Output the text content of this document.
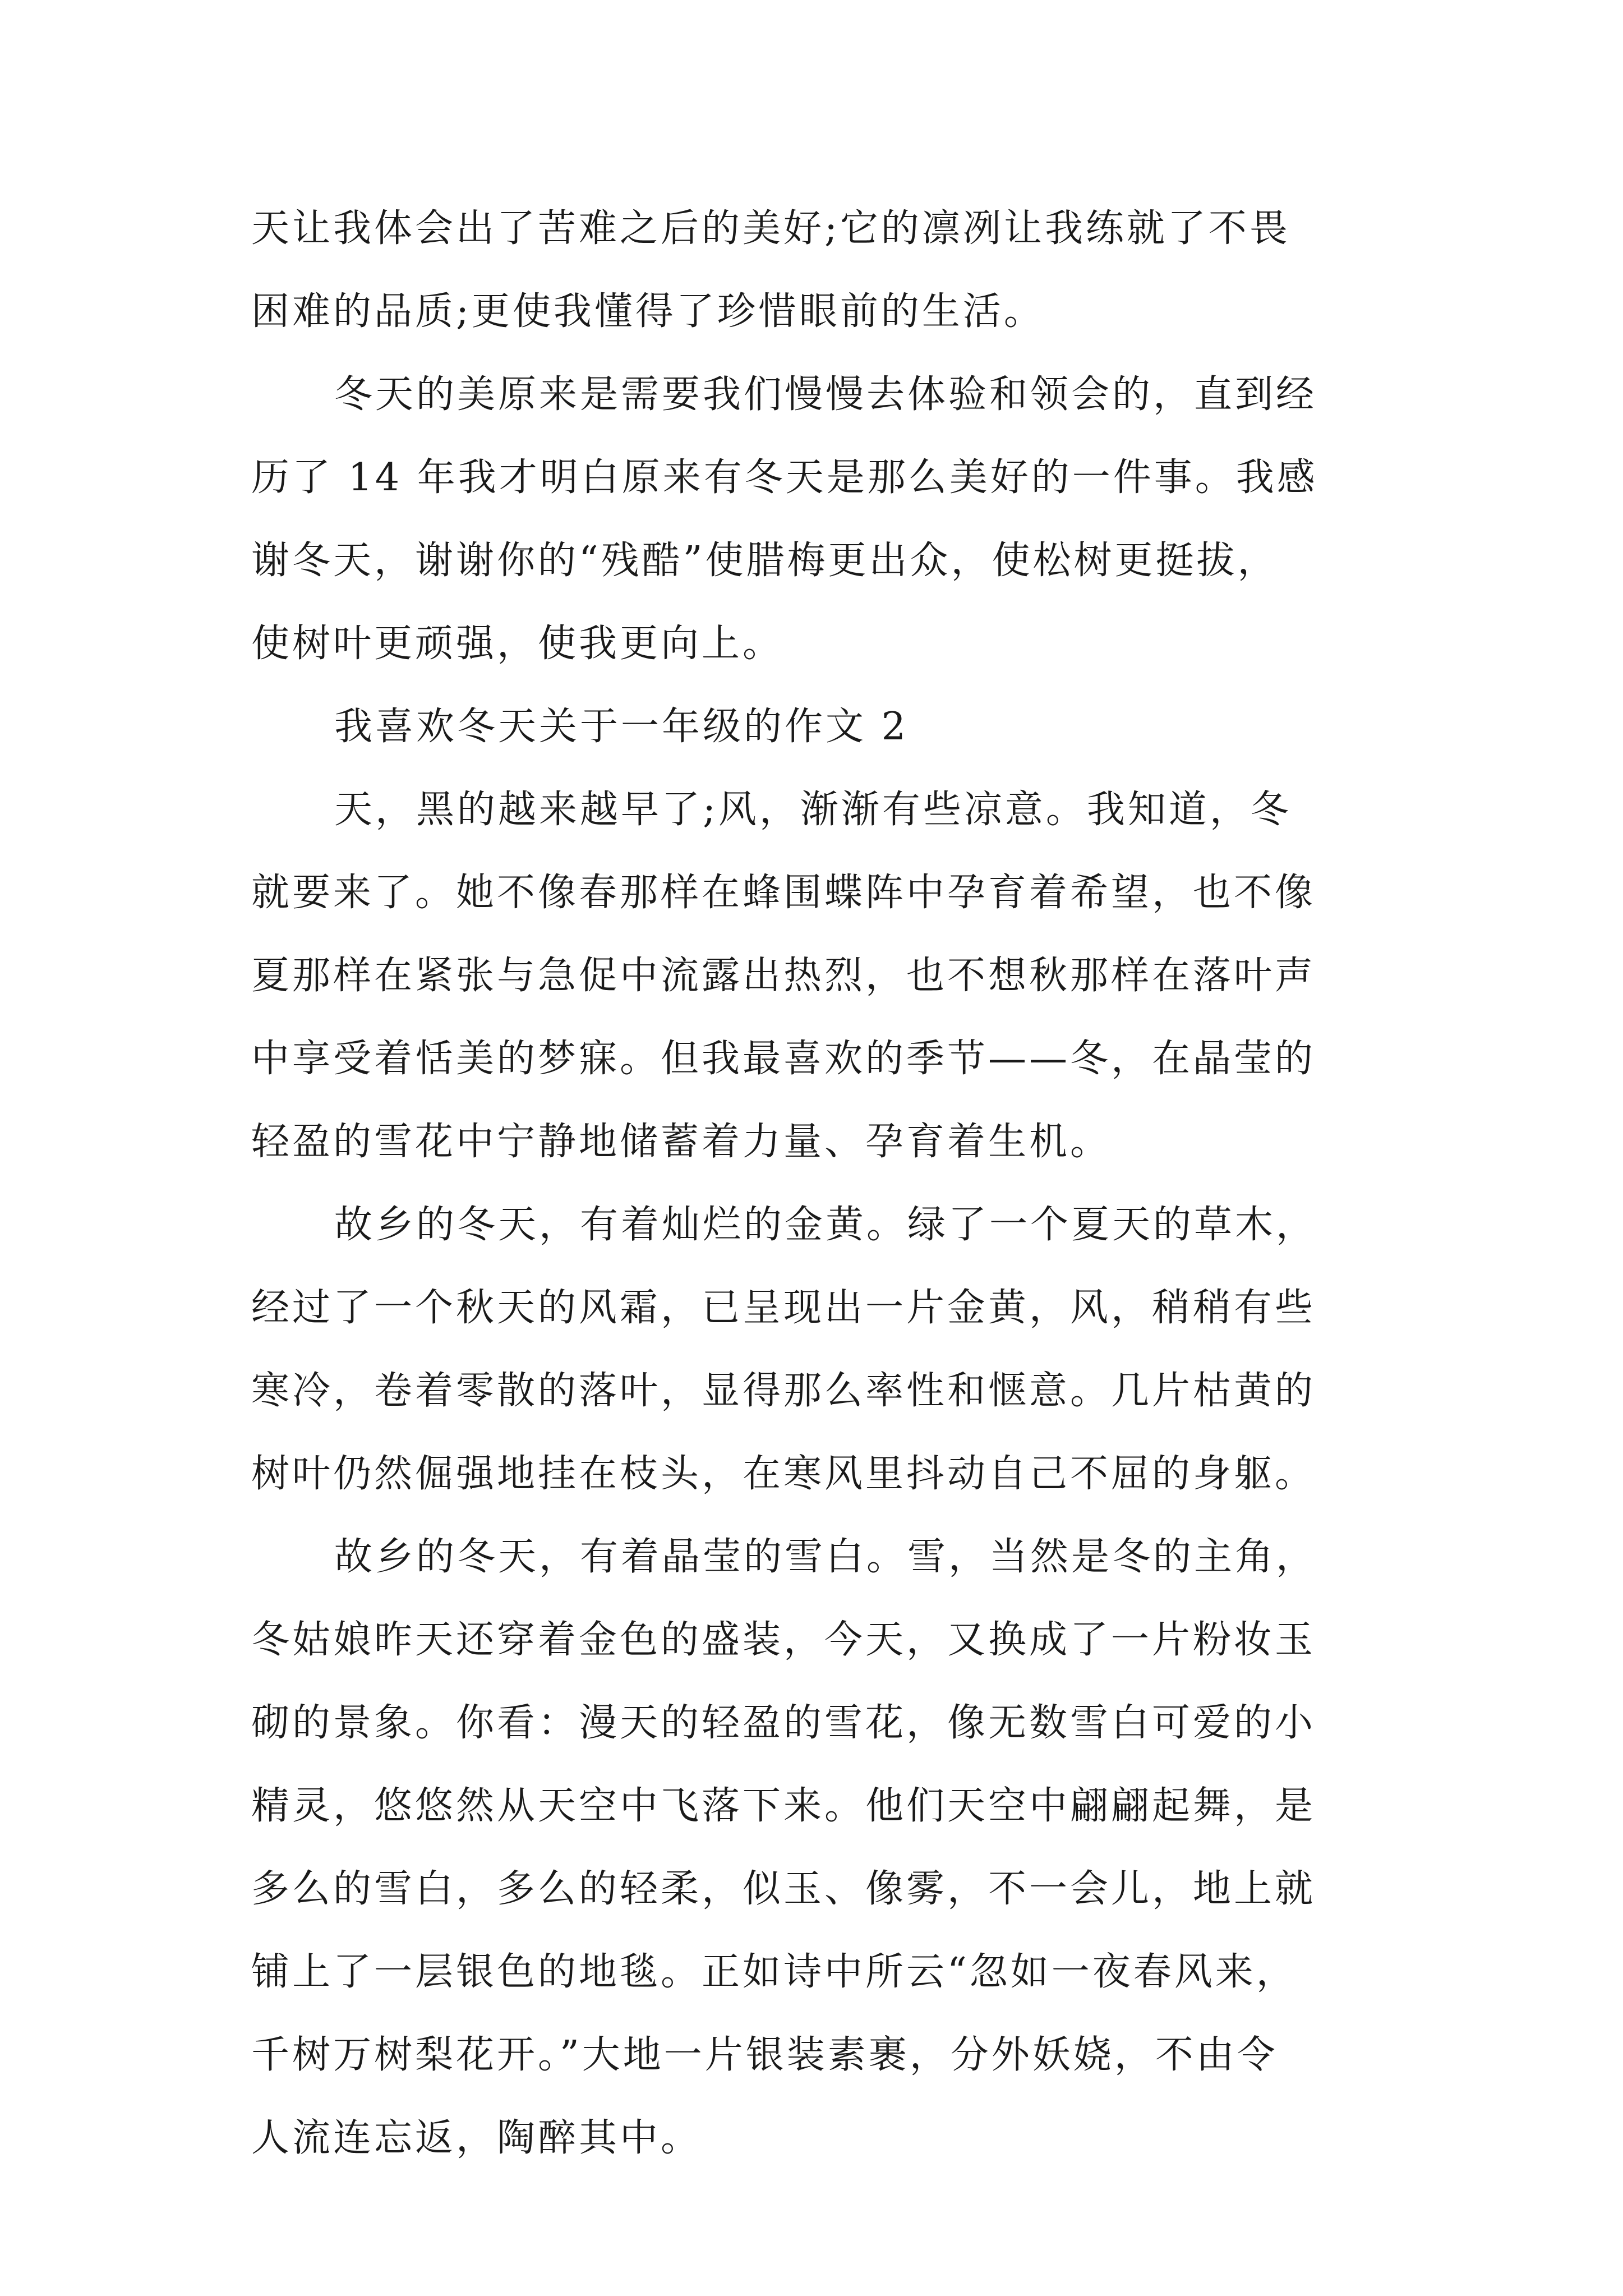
天让我体会出了苦难之后的美好;它的凛冽让我练就了不畏
困难的品质;更使我懂得了珍惜眼前的生活。
冬天的美原来是需要我们慢慢去体验和领会的，直到经
历了 14 年我才明白原来有冬天是那么美好的一件事。我感
谢冬天，谢谢你的“残酷”使腊梅更出众，使松树更挺拔，
使树叶更顽强，使我更向上。
我喜欢冬天关于一年级的作文 2
天，黑的越来越早了;风，渐渐有些凉意。我知道，冬
就要来了。她不像春那样在蜂围蝶阵中孕育着希望，也不像
夏那样在紧张与急促中流露出热烈，也不想秋那样在落叶声
中享受着恬美的梦寐。但我最喜欢的季节——冬，在晶莹的
轻盈的雪花中宁静地储蓄着力量、孕育着生机。
故乡的冬天，有着灿烂的金黄。绿了一个夏天的草木，
经过了一个秋天的风霜，已呈现出一片金黄，风，稍稍有些
寒冷，卷着零散的落叶，显得那么率性和惬意。几片枯黄的
树叶仍然倔强地挂在枝头，在寒风里抖动自己不屈的身躯。
故乡的冬天，有着晶莹的雪白。雪，当然是冬的主角，
冬姑娘昨天还穿着金色的盛装，今天，又换成了一片粉妆玉
砌的景象。你看：漫天的轻盈的雪花，像无数雪白可爱的小
精灵，悠悠然从天空中飞落下来。他们天空中翩翩起舞，是
多么的雪白，多么的轻柔，似玉、像雾，不一会儿，地上就
铺上了一层银色的地毯。正如诗中所云“忽如一夜春风来，
千树万树梨花开。”大地一片银装素裹，分外妖娆，不由令
人流连忘返，陶醉其中。
